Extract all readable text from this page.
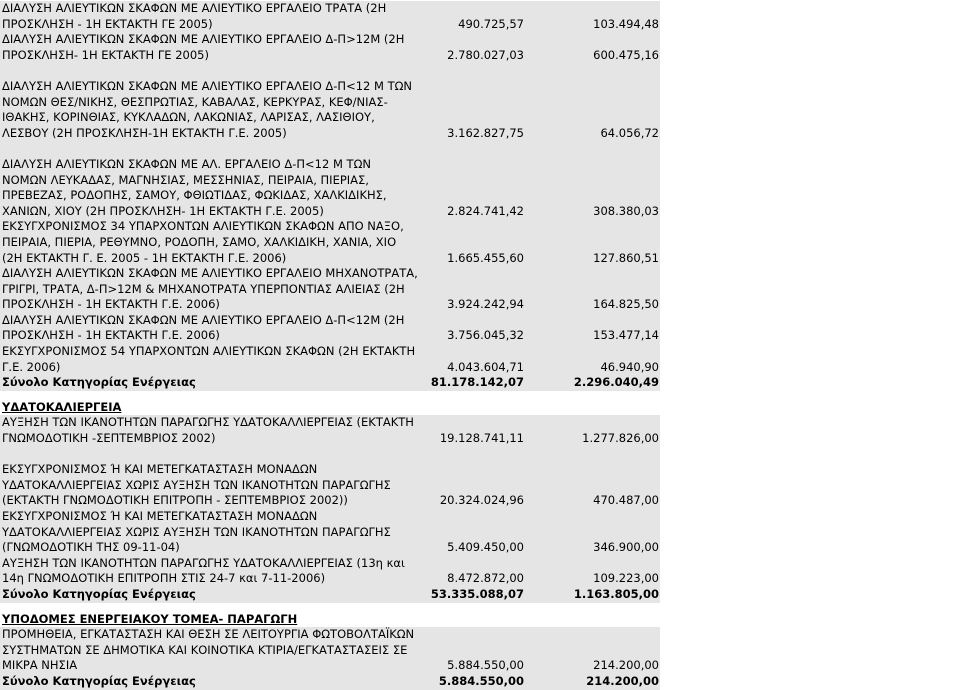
ΔΙΑΛΥΣΗ ΑΛΙΕΥΤΙΚΩΝ ΣΚΑΦΩΝ ΜΕ ΑΛΙΕΥΤΙΚΟ ΕΡΓΑΛΕΙΟ ΤΡΑΤΑ (2Η
ΠΡΟΣΚΛΗΣΗ - 1Η ΕΚΤΑΚΤΗ ΓΕ 2005)	490.725,57	103.494,48
ΔΙΑΛΥΣΗ ΑΛΙΕΥΤΙΚΩΝ ΣΚΑΦΩΝ ΜΕ ΑΛΙΕΥΤΙΚΟ ΕΡΓΑΛΕΙΟ Δ-Π>12Μ (2Η
ΠΡΟΣΚΛΗΣΗ- 1Η ΕΚΤΑΚΤΗ ΓΕ 2005)	2.780.027,03	600.475,16

ΔΙΑΛΥΣΗ ΑΛΙΕΥΤΙΚΩΝ ΣΚΑΦΩΝ ΜΕ ΑΛΙΕΥΤΙΚΟ ΕΡΓΑΛΕΙΟ Δ-Π<12 Μ ΤΩΝ
ΝΟΜΩΝ ΘΕΣ/ΝΙΚΗΣ, ΘΕΣΠΡΩΤΙΑΣ, ΚΑΒΑΛΑΣ, ΚΕΡΚΥΡΑΣ, ΚΕΦ/ΝΙΑΣ-
ΙΘΑΚΗΣ, ΚΟΡΙΝΘΙΑΣ, ΚΥΚΛΑΔΩΝ, ΛΑΚΩΝΙΑΣ, ΛΑΡΙΣΑΣ, ΛΑΣΙΘΙΟΥ,
ΛΕΣΒΟΥ (2Η ΠΡΟΣΚΛΗΣΗ-1Η ΕΚΤΑΚΤΗ Γ.Ε. 2005)	3.162.827,75	64.056,72

ΔΙΑΛΥΣΗ ΑΛΙΕΥΤΙΚΩΝ ΣΚΑΦΩΝ ΜΕ ΑΛ. ΕΡΓΑΛΕΙΟ Δ-Π<12 Μ ΤΩΝ
ΝΟΜΩΝ ΛΕΥΚΑΔΑΣ, ΜΑΓΝΗΣΙΑΣ, ΜΕΣΣΗΝΙΑΣ, ΠΕΙΡΑΙΑ, ΠΙΕΡΙΑΣ,
ΠΡΕΒΕΖΑΣ, ΡΟΔΟΠΗΣ, ΣΑΜΟΥ, ΦΘΙΩΤΙΔΑΣ, ΦΩΚΙΔΑΣ, ΧΑΛΚΙΔΙΚΗΣ,
ΧΑΝΙΩΝ, ΧΙΟΥ (2Η ΠΡΟΣΚΛΗΣΗ- 1Η ΕΚΤΑΚΤΗ Γ.Ε. 2005)	2.824.741,42	308.380,03
ΕΚΣΥΓΧΡΟΝΙΣΜΟΣ 34 ΥΠΑΡΧΟΝΤΩΝ ΑΛΙΕΥΤΙΚΩΝ ΣΚΑΦΩΝ ΑΠΟ ΝΑΞΟ,
ΠΕΙΡΑΙΑ, ΠΙΕΡΙΑ, ΡΕΘΥΜΝΟ, ΡΟΔΟΠΗ, ΣΑΜΟ, ΧΑΛΚΙΔΙΚΗ, ΧΑΝΙΑ, ΧΙΟ
(2Η ΕΚΤΑΚΤΗ Γ. Ε. 2005 - 1Η ΕΚΤΑΚΤΗ Γ.Ε. 2006)	1.665.455,60	127.860,51
ΔΙΑΛΥΣΗ ΑΛΙΕΥΤΙΚΩΝ ΣΚΑΦΩΝ ΜΕ ΑΛΙΕΥΤΙΚΟ ΕΡΓΑΛΕΙΟ ΜΗΧΑΝΟΤΡΑΤΑ,
ΓΡΙΓΡΙ, ΤΡΑΤΑ, Δ-Π>12Μ & ΜΗΧΑΝΟΤΡΑΤΑ ΥΠΕΡΠΟΝΤΙΑΣ ΑΛΙΕΙΑΣ (2Η
ΠΡΟΣΚΛΗΣΗ - 1Η ΕΚΤΑΚΤΗ Γ.Ε. 2006)	3.924.242,94	164.825,50
ΔΙΑΛΥΣΗ ΑΛΙΕΥΤΙΚΩΝ ΣΚΑΦΩΝ ΜΕ ΑΛΙΕΥΤΙΚΟ ΕΡΓΑΛΕΙΟ Δ-Π<12Μ (2Η
ΠΡΟΣΚΛΗΣΗ - 1Η ΕΚΤΑΚΤΗ Γ.Ε. 2006)	3.756.045,32	153.477,14
ΕΚΣΥΓΧΡΟΝΙΣΜΟΣ 54 ΥΠΑΡΧΟΝΤΩΝ ΑΛΙΕΥΤΙΚΩΝ ΣΚΑΦΩΝ (2Η ΕΚΤΑΚΤΗ
Γ.Ε. 2006)	4.043.604,71	46.940,90
Σύνολο Κατηγορίας Ενέργειας	81.178.142,07	2.296.040,49

ΥΔΑΤΟΚΑΛΙΕΡΓΕΙΑ		
ΑΥΞΗΣΗ ΤΩΝ ΙΚΑΝΟΤΗΤΩΝ ΠΑΡΑΓΩΓΗΣ ΥΔΑΤΟΚΑΛΛΙΕΡΓΕΙΑΣ (ΕΚΤΑΚΤΗ
ΓΝΩΜΟΔΟΤΙΚΗ -ΣΕΠΤΕΜΒΡΙΟΣ 2002)	19.128.741,11	1.277.826,00

ΕΚΣΥΓΧΡΟΝΙΣΜΟΣ Ή ΚΑΙ ΜΕΤΕΓΚΑΤΑΣΤΑΣΗ ΜΟΝΑΔΩΝ
ΥΔΑΤΟΚΑΛΛΙΕΡΓΕΙΑΣ ΧΩΡΙΣ ΑΥΞΗΣΗ ΤΩΝ ΙΚΑΝΟΤΗΤΩΝ ΠΑΡΑΓΩΓΗΣ
(ΕΚΤΑΚΤΗ ΓΝΩΜΟΔΟΤΙΚΗ ΕΠΙΤΡΟΠΗ - ΣΕΠΤΕΜΒΡΙΟΣ 2002))	20.324.024,96	470.487,00
ΕΚΣΥΓΧΡΟΝΙΣΜΟΣ Ή ΚΑΙ ΜΕΤΕΓΚΑΤΑΣΤΑΣΗ ΜΟΝΑΔΩΝ
ΥΔΑΤΟΚΑΛΛΙΕΡΓΕΙΑΣ ΧΩΡΙΣ ΑΥΞΗΣΗ ΤΩΝ ΙΚΑΝΟΤΗΤΩΝ ΠΑΡΑΓΩΓΗΣ
(ΓΝΩΜΟΔΟΤΙΚΗ ΤΗΣ 09-11-04)	5.409.450,00	346.900,00
ΑΥΞΗΣΗ ΤΩΝ ΙΚΑΝΟΤΗΤΩΝ ΠΑΡΑΓΩΓΗΣ ΥΔΑΤΟΚΑΛΛΙΕΡΓΕΙΑΣ (13η και
14η ΓΝΩΜΟΔΟΤΙΚΗ ΕΠΙΤΡΟΠΗ ΣΤΙΣ 24-7 και 7-11-2006)	8.472.872,00	109.223,00
Σύνολο Κατηγορίας Ενέργειας	53.335.088,07	1.163.805,00

ΥΠΟΔΟΜΕΣ ΕΝΕΡΓΕΙΑΚΟΥ ΤΟΜΕΑ- ΠΑΡΑΓΩΓΗ		
ΠΡΟΜΗΘΕΙΑ, ΕΓΚΑΤΑΣΤΑΣΗ ΚΑΙ ΘΕΣΗ ΣΕ ΛΕΙΤΟΥΡΓΙΑ ΦΩΤΟΒΟΛΤΑΪΚΩΝ
ΣΥΣΤΗΜΑΤΩΝ ΣΕ ΔΗΜΟΤΙΚΑ ΚΑΙ ΚΟΙΝΟΤΙΚΑ ΚΤΙΡΙΑ/ΕΓΚΑΤΑΣΤΑΣΕΙΣ ΣΕ
ΜΙΚΡΑ ΝΗΣΙΑ	5.884.550,00	214.200,00
Σύνολο Κατηγορίας Ενέργειας	5.884.550,00	214.200,00
